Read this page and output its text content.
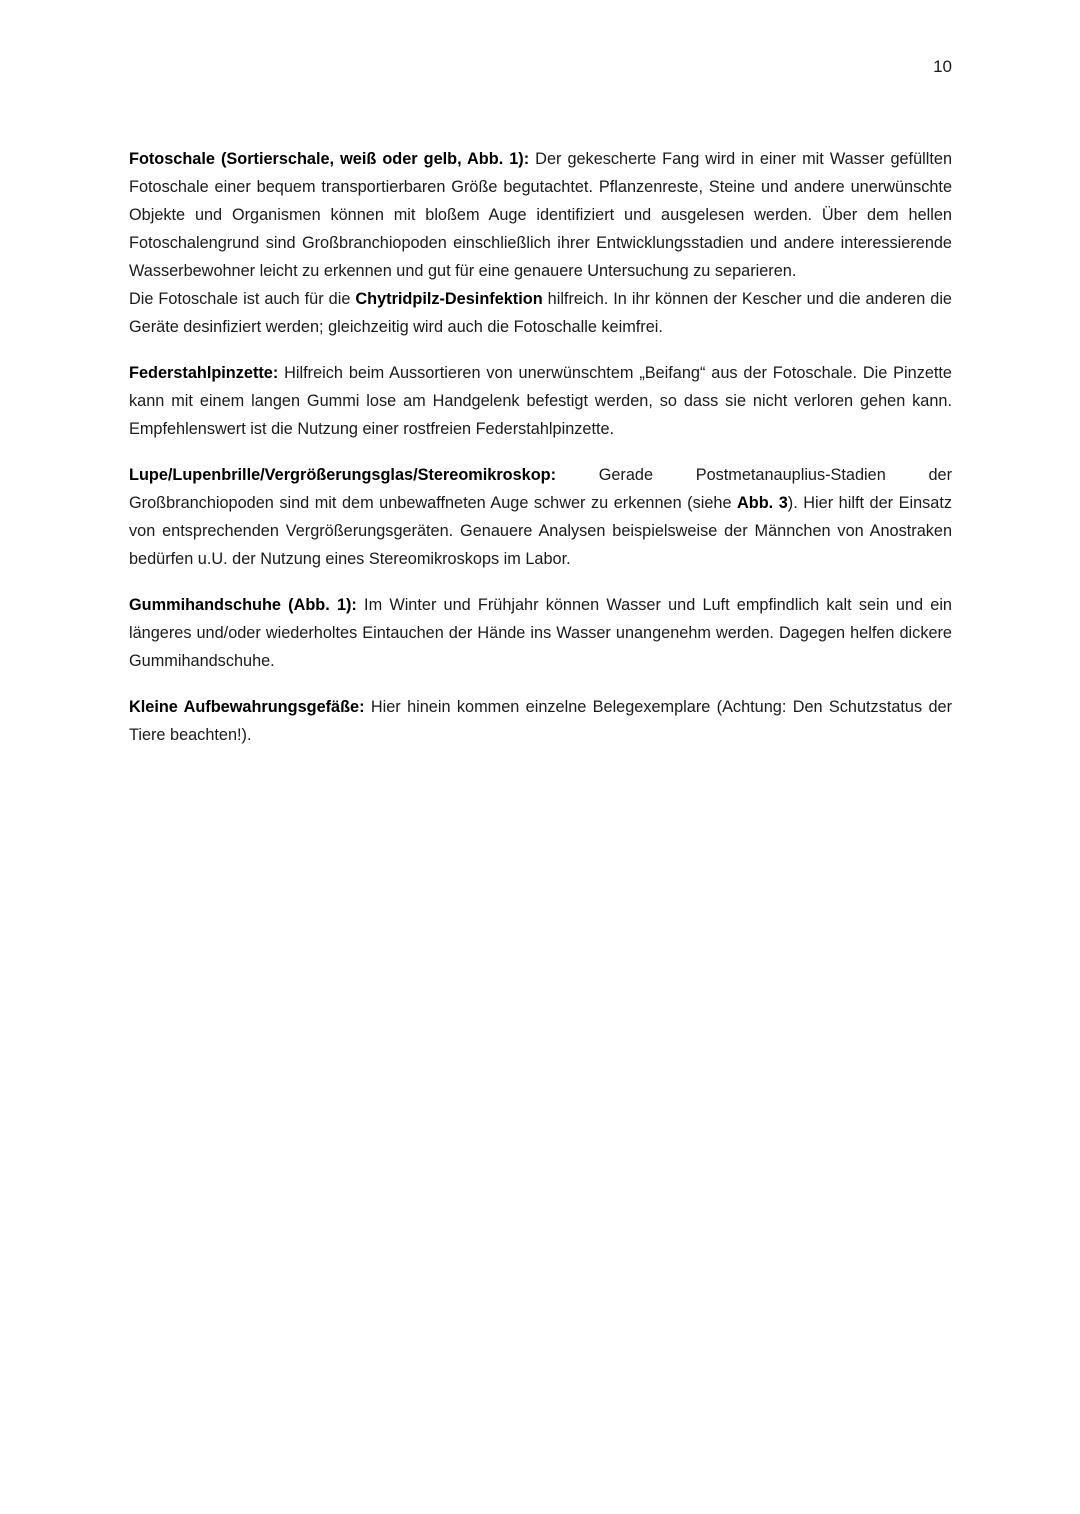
10

Fotoschale (Sortierschale, weiß oder gelb, Abb. 1): Der gekescherte Fang wird in einer mit Wasser gefüllten Fotoschale einer bequem transportierbaren Größe begutachtet. Pflanzenreste, Steine und andere unerwünschte Objekte und Organismen können mit bloßem Auge identifiziert und ausgelesen werden. Über dem hellen Fotoschalengrund sind Großbranchiopoden einschließlich ihrer Entwicklungsstadien und andere interessierende Wasserbewohner leicht zu erkennen und gut für eine genauere Untersuchung zu separieren.

Die Fotoschale ist auch für die Chytridpilz-Desinfektion hilfreich. In ihr können der Kescher und die anderen die Geräte desinfiziert werden; gleichzeitig wird auch die Fotoschalle keimfrei.

Federstahlpinzette: Hilfreich beim Aussortieren von unerwünschtem „Beifang“ aus der Fotoschale. Die Pinzette kann mit einem langen Gummi lose am Handgelenk befestigt werden, so dass sie nicht verloren gehen kann. Empfehlenswert ist die Nutzung einer rostfreien Federstahlpinzette.

Lupe/Lupenbrille/Vergrößerungsglas/Stereomikroskop: Gerade Postmetanauplius-Stadien der Großbranchiopoden sind mit dem unbewaffneten Auge schwer zu erkennen (siehe Abb. 3). Hier hilft der Einsatz von entsprechenden Vergrößerungsgeräten. Genauere Analysen beispielsweise der Männchen von Anostraken bedürfen u.U. der Nutzung eines Stereomikroskops im Labor.

Gummihandschuhe (Abb. 1): Im Winter und Frühjahr können Wasser und Luft empfindlich kalt sein und ein längeres und/oder wiederholtes Eintauchen der Hände ins Wasser unangenehm werden. Dagegen helfen dickere Gummihandschuhe.

Kleine Aufbewahrungsgefäße: Hier hinein kommen einzelne Belegexemplare (Achtung: Den Schutzstatus der Tiere beachten!).
